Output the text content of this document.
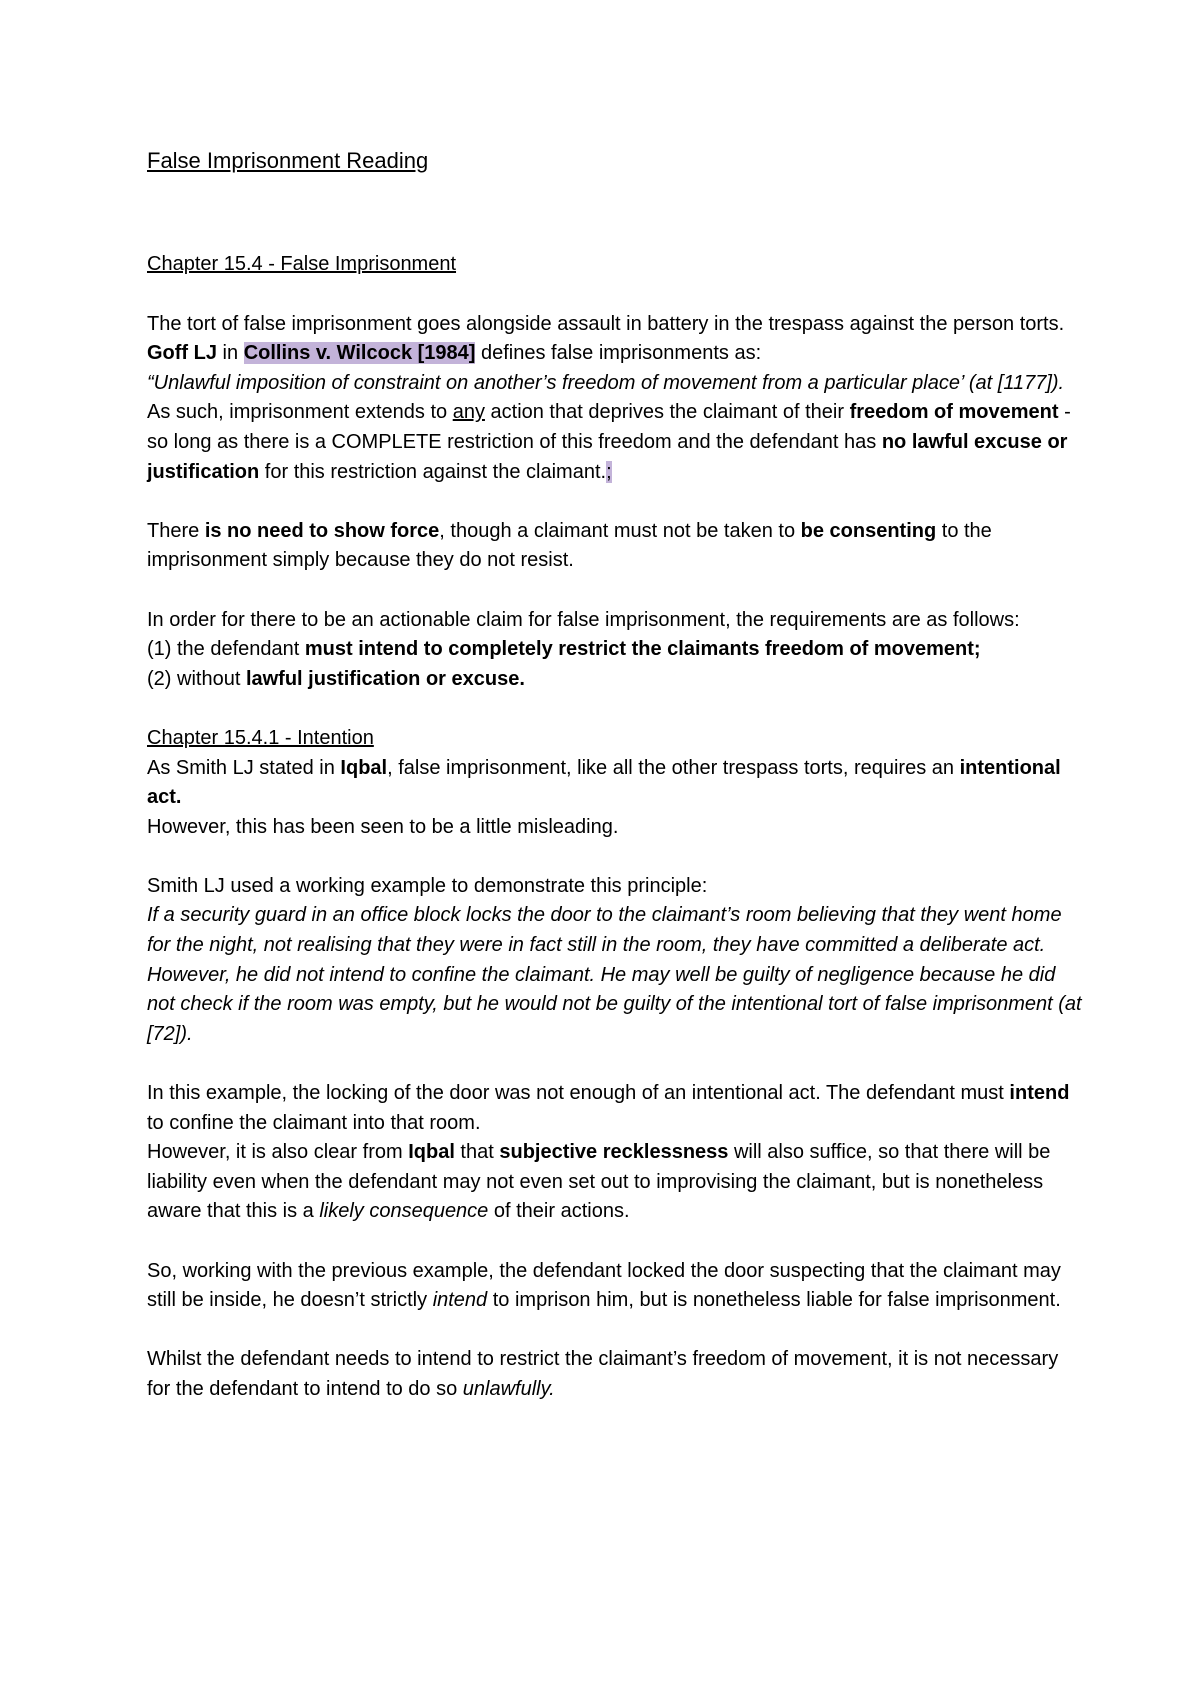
False Imprisonment Reading
Chapter 15.4 - False Imprisonment

The tort of false imprisonment goes alongside assault in battery in the trespass against the person torts. Goff LJ in Collins v. Wilcock [1984] defines false imprisonments as:

“Unlawful imposition of constraint on another’s freedom of movement from a particular place’ (at [1177]).

As such, imprisonment extends to any action that deprives the claimant of their freedom of movement - so long as there is a COMPLETE restriction of this freedom and the defendant has no lawful excuse or justification for this restriction against the claimant.;

There is no need to show force, though a claimant must not be taken to be consenting to the imprisonment simply because they do not resist.

In order for there to be an actionable claim for false imprisonment, the requirements are as follows:

(1) the defendant must intend to completely restrict the claimants freedom of movement;

(2) without lawful justification or excuse.

Chapter 15.4.1 - Intention

As Smith LJ stated in Iqbal, false imprisonment, like all the other trespass torts, requires an intentional act.

However, this has been seen to be a little misleading.

Smith LJ used a working example to demonstrate this principle:

If a security guard in an office block locks the door to the claimant’s room believing that they went home for the night, not realising that they were in fact still in the room, they have committed a deliberate act.

However, he did not intend to confine the claimant. He may well be guilty of negligence because he did not check if the room was empty, but he would not be guilty of the intentional tort of false imprisonment (at [72]).

In this example, the locking of the door was not enough of an intentional act. The defendant must intend to confine the claimant into that room.

However, it is also clear from Iqbal that subjective recklessness will also suffice, so that there will be liability even when the defendant may not even set out to improvising the claimant, but is nonetheless aware that this is a likely consequence of their actions.

So, working with the previous example, the defendant locked the door suspecting that the claimant may still be inside, he doesn’t strictly intend to imprison him, but is nonetheless liable for false imprisonment.

Whilst the defendant needs to intend to restrict the claimant’s freedom of movement, it is not necessary for the defendant to intend to do so unlawfully.
